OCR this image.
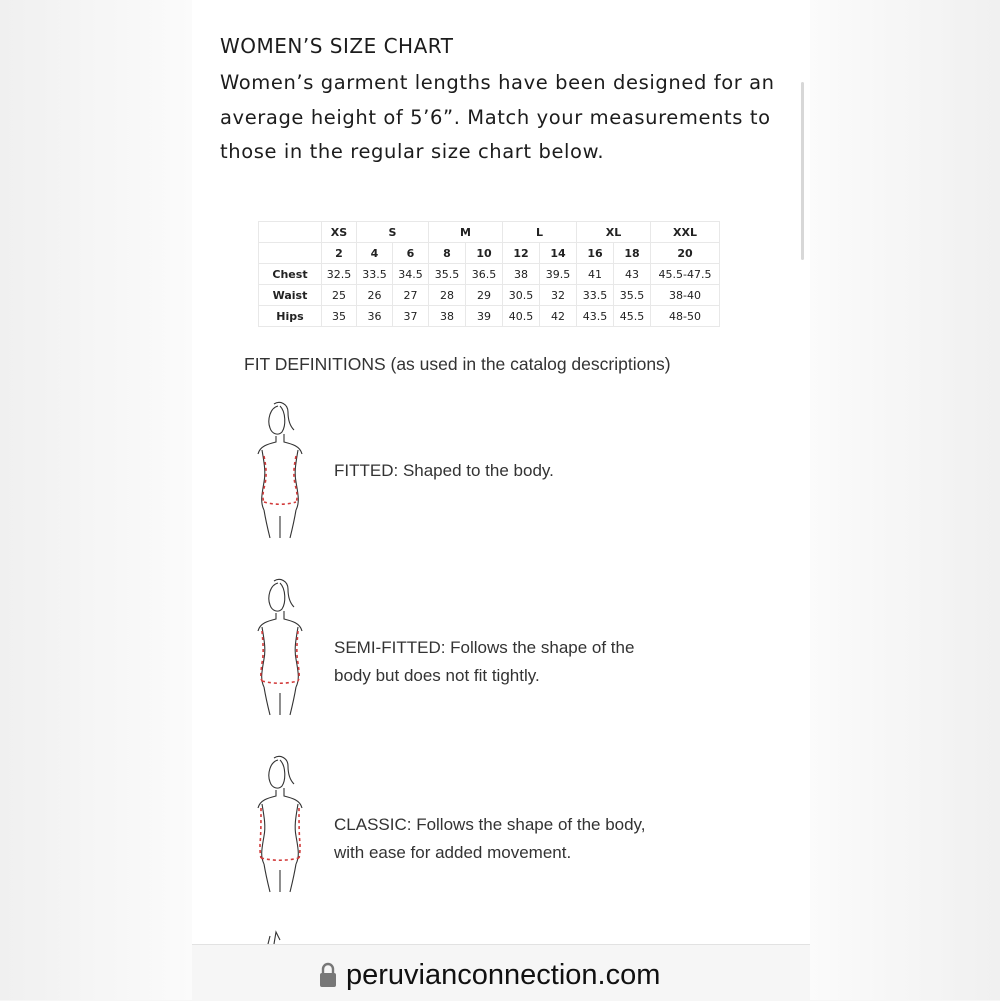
WOMEN’S SIZE CHART
Women’s garment lengths have been designed for an average height of 5’6”. Match your measurements to those in the regular size chart below.
	XS	S		M		L		XL		XXL
	2	4	6	8	10	12	14	16	18	20
Chest	32.5	33.5	34.5	35.5	36.5	38	39.5	41	43	45.5-47.5
Waist	25	26	27	28	29	30.5	32	33.5	35.5	38-40
Hips	35	36	37	38	39	40.5	42	43.5	45.5	48-50
FIT DEFINITIONS (as used in the catalog descriptions)
FITTED: Shaped to the body.
SEMI-FITTED: Follows the shape of the
body but does not fit tightly.
CLASSIC: Follows the shape of the body,
with ease for added movement.
peruvianconnection.com
